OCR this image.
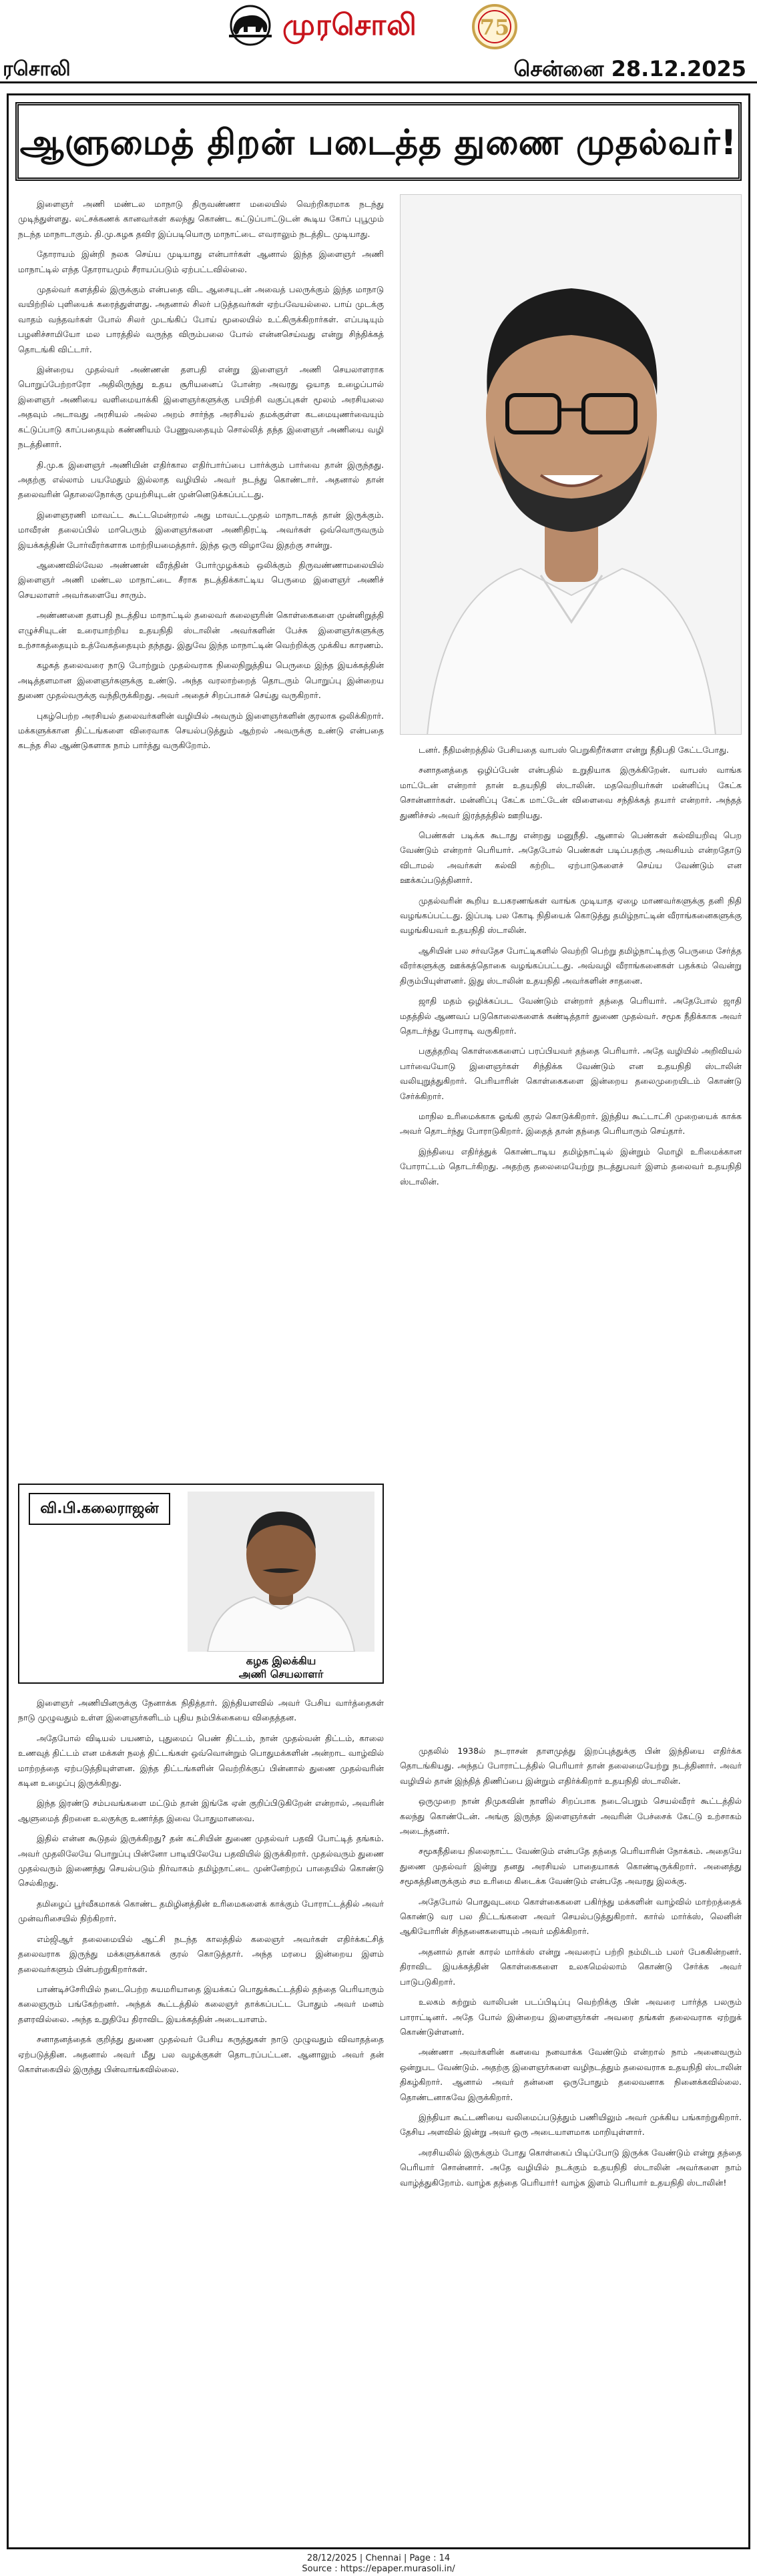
முரசொலி	75
ரசொலி	சென்னை 28.12.2025
ஆளுமைத் திறன் படைத்த துணை முதல்வர்!

இளைஞர் அணி மண்டல மாநாடு திருவண்ணா மலையில் வெற்றிகரமாக நடந்து முடிந்துள்ளது. லட்சக்கணக் கானவர்கள் கலந்து கொண்ட கட்டுப்பாட்டுடன் கூடிய கோப் புபூமும் நடந்த மாநாடாகும். தி.மு.கழக தவிர இப்படியொரு மாநாட்டை எவராலும் நடத்திட முடியாது.

தோராயம் இன்றி நலக செய்ய முடியாது என்பார்கள் ஆனால் இந்த இளைஞர் அணி மாநாட்டில் எந்த தோராயமும் சீராயப்படும் ஏற்பட்டவில்லை.

முதல்வர் களத்தில் இருக்கும் என்பதை விட ஆசையுடன் அவைத் பலருக்கும் இந்த மாநாடு வயிற்றில் புளியைக் கரைத்துள்ளது. அதனால் சிலர் படுத்தவர்கள் ஏற்பவேயல்லை. பாய் முடக்கு வாதம் வந்தவர்கள் போல் சிலர் முடங்கிப் போய் மூலையில் உட்கிருக்கிறார்கள். எப்படியும் பழனிச்சாமியோ மல பாரத்தில் வருந்த விரும்பலை போல் என்னசெய்வது என்று சிந்திக்கத் தொடங்கி விட்டார்.

இன்றைய முதல்வர் அண்ணன் தளபதி என்று இளைஞர் அணி செயலாளராக பொறுப்பேற்றாரோ அதிலிருந்து உதய சூரியனைப் போன்ற அவரது ஒயாத உழைப்பால் இளைஞர் அணியை வளிமையாக்கி இளைஞர்களுக்கு பயிற்சி வகுப்புகள் மூலம் அரசியலை அதவும் அடாவது அரசியல் அல்ல அறம் சார்ந்த அரசியல் தமக்குள்ள கடமையுணர்வையும் கட்டுப்பாடு காப்பதையும் கண்ணியம் பேணுவதையும் சொல்லித் தந்த இளைஞர் அணியை வழி நடத்தினார்.

தி.மு.க இளைஞர் அணியின் எதிர்கால எதிர்பார்ப்பை பார்க்கும் பார்வை தான் இருந்தது. அதற்கு எல்லாம் பயமேதும் இல்லாத வழியில் அவர் நடந்து கொண்டார். அதனால் தான் தலைவரின் தொலைநோக்கு முயற்சியுடன் முன்னெடுக்கப்பட்டது.

இளைஞரணி மாவட்ட கூட்டமென்றால் அது மாவட்டமுதல் மாநாடாகத் தான் இருக்கும். மாவீரன் தலைப்பில் மாபெரும் இளைஞர்களை அணிதிரட்டி அவர்கள் ஒவ்வொருவரும் இயக்கத்தின் போர்வீரர்களாக மாற்றியமைத்தார். இந்த ஒரு விழாவே இதற்கு சான்று.

ஆணைவில்வேல அண்ணன் வீரத்தின் போர்முழக்கம் ஒலிக்கும் திருவண்ணாமலையில் இளைஞர் அணி மண்டல மாநாட்டை சீராக நடத்திக்காட்டிய பெருமை இளைஞர் அணிச் செயலாளர் அவர்களையே சாரும்.

அண்ணனை தளபதி நடத்திய மாநாட்டில் தலைவர் கலைஞரின் கொள்கைகளை முன்னிறுத்தி எழுச்சியுடன் உரையாற்றிய உதயநிதி ஸ்டாலின் அவர்களின் பேச்சு இளைஞர்களுக்கு உற்சாகத்தையும் உத்வேகத்தையும் தந்தது. இதுவே இந்த மாநாட்டின் வெற்றிக்கு முக்கிய காரணம்.

கழகத் தலைவரை நாடு போற்றும் முதல்வராக நிலைநிறுத்திய பெருமை இந்த இயக்கத்தின் அடித்தளமான இளைஞர்களுக்கு உண்டு. அந்த வரலாற்றைத் தொடரும் பொறுப்பு இன்றைய துணை முதல்வருக்கு வந்திருக்கிறது. அவர் அதைச் சிறப்பாகச் செய்து வருகிறார்.

புகழ்பெற்ற அரசியல் தலைவர்களின் வழியில் அவரும் இளைஞர்களின் குரலாக ஒலிக்கிறார். மக்களுக்கான திட்டங்களை விரைவாக செயல்படுத்தும் ஆற்றல் அவருக்கு உண்டு என்பதை கடந்த சில ஆண்டுகளாக நாம் பார்த்து வருகிறோம்.	டனர். நீதிமன்றத்தில் பேசியதை வாபஸ் பெறுகிறீர்களா என்று நீதிபதி கேட்டபோது.

சனாதனத்தை ஒழிப்பேன் என்பதில் உறுதியாக இருக்கிறேன். வாபஸ் வாங்க மாட்டேன் என்றார் தான் உதயநிதி ஸ்டாலின். மதவெறியர்கள் மன்னிப்பு கேட்க சொன்னார்கள். மன்னிப்பு கேட்க மாட்டேன் விளைவை சந்திக்கத் தயார் என்றார். அந்தத் துணிச்சல் அவர் இரத்தத்தில் ஊறியது.

பெண்கள் படிக்க கூடாது என்றது மனுநீதி. ஆனால் பெண்கள் கல்வியறிவு பெற வேண்டும் என்றார் பெரியார். அதேபோல் பெண்கள் படிப்பதற்கு அவசியம் என்றதோடு விடாமல் அவர்கள் கல்வி கற்றிட ஏற்பாடுகளைச் செய்ய வேண்டும் என ஊக்கப்படுத்தினார்.

முதல்வரின் கூறிய உபகரணங்கள் வாங்க முடியாத ஏழை மாணவர்களுக்கு தனி நிதி வழங்கப்பட்டது. இப்படி பல கோடி நிதியைக் கொடுத்து தமிழ்நாட்டின் வீராங்கனைகளுக்கு வழங்கியவர் உதயநிதி ஸ்டாலின்.

ஆசியின் பல சர்வதேச போட்டிகளில் வெற்றி பெற்று தமிழ்நாட்டிற்கு பெருமை சேர்த்த வீரர்களுக்கு ஊக்கத்தொகை வழங்கப்பட்டது. அவ்வழி வீராங்கனைகள் பதக்கம் வென்று திரும்பியுள்ளனர். இது ஸ்டாலின் உதயநிதி அவர்களின் சாதனை.

ஜாதி மதம் ஒழிக்கப்பட வேண்டும் என்றார் தந்தை பெரியார். அதேபோல் ஜாதி மதத்தில் ஆணவப் படுகொலைகளைக் கண்டித்தார் துணை முதல்வர். சமூக நீதிக்காக அவர் தொடர்ந்து போராடி வருகிறார்.

பகுத்தறிவு கொள்கைகளைப் பரப்பியவர் தந்தை பெரியார். அதே வழியில் அறிவியல் பார்வையோடு இளைஞர்கள் சிந்திக்க வேண்டும் என உதயநிதி ஸ்டாலின் வலியுறுத்துகிறார். பெரியாரின் கொள்கைகளை இன்றைய தலைமுறையிடம் கொண்டு சேர்க்கிறார்.

மாநில உரிமைக்காக ஓங்கி குரல் கொடுக்கிறார். இந்திய கூட்டாட்சி முறையைக் காக்க அவர் தொடர்ந்து போராடுகிறார். இதைத் தான் தந்தை பெரியாரும் செய்தார்.

இந்தியை எதிர்த்துக் கொண்டாடிய தமிழ்நாட்டில் இன்றும் மொழி உரிமைக்கான போராட்டம் தொடர்கிறது. அதற்கு தலைமையேற்று நடத்துபவர் இளம் தலைவர் உதயநிதி ஸ்டாலின்.

வி.பி.கலைராஜன்
கழக இலக்கிய
அணி செயலாளர்

இளைஞர் அணியினருக்கு நேனாக்க நிதித்தார். இந்தியளவில் அவர் பேசிய வார்த்தைகள் நாடு முழுவதும் உள்ள இளைஞர்களிடம் புதிய நம்பிக்கையை விதைத்தன.

அதேபோல் விடியல் பயணம், புதுமைப் பெண் திட்டம், நான் முதல்வன் திட்டம், காலை உணவுத் திட்டம் என மக்கள் நலத் திட்டங்கள் ஒவ்வொன்றும் பொதுமக்களின் அன்றாட வாழ்வில் மாற்றத்தை ஏற்படுத்தியுள்ளன. இந்த திட்டங்களின் வெற்றிக்குப் பின்னால் துணை முதல்வரின் கடின உழைப்பு இருக்கிறது.

இந்த இரண்டு சம்பவங்களை மட்டும் தான் இங்கே ஏன் குறிப்பிடுகிறேன் என்றால், அவரின் ஆளுமைத் திறனை உலகுக்கு உணர்த்த இவை போதுமானவை.

இதில் என்ன கூடுதல் இருக்கிறது? தன் கட்சியின் துணை முதல்வர் பதவி போட்டித் தங்கம். அவர் முதலிலேயே பொறுப்பு பின்னோ பாடியிலேயே பதவியில் இருக்கிறார். முதல்வரும் துணை முதல்வரும் இணைந்து செயல்படும் நிர்வாகம் தமிழ்நாட்டை முன்னேற்றப் பாதையில் கொண்டு செல்கிறது.

தமிழைப் பூர்வீகமாகக் கொண்ட தமிழினத்தின் உரிமைகளைக் காக்கும் போராட்டத்தில் அவர் முன்வரிசையில் நிற்கிறார்.

எம்ஜிஆர் தலைமையில் ஆட்சி நடந்த காலத்தில் கலைஞர் அவர்கள் எதிர்க்கட்சித் தலைவராக இருந்து மக்களுக்காகக் குரல் கொடுத்தார். அந்த மரபை இன்றைய இளம் தலைவர்களும் பின்பற்றுகிறார்கள்.

பாண்டிச்சேரியில் நடைபெற்ற சுயமரியாதை இயக்கப் பொதுக்கூட்டத்தில் தந்தை பெரியாரும் கலைஞரும் பங்கேற்றனர். அந்தக் கூட்டத்தில் கலைஞர் தாக்கப்பட்ட போதும் அவர் மனம் தளரவில்லை. அந்த உறுதியே திராவிட இயக்கத்தின் அடையாளம்.

சனாதனத்தைக் குறித்து துணை முதல்வர் பேசிய கருத்துகள் நாடு முழுவதும் விவாதத்தை ஏற்படுத்தின. அதனால் அவர் மீது பல வழக்குகள் தொடரப்பட்டன. ஆனாலும் அவர் தன் கொள்கையில் இருந்து பின்வாங்கவில்லை.

முதலில் 1938ல் நடராசன் தாளமுத்து இறப்புத்துக்கு பின் இந்தியை எதிர்க்க தொடங்கியது. அந்தப் போராட்டத்தில் பெரியார் தான் தலைமையேற்று நடத்தினார். அவர் வழியில் தான் இந்தித் திணிப்பை இன்றும் எதிர்க்கிறார் உதயநிதி ஸ்டாலின்.

ஒருமுறை நான் திமுகவின் நாளில் சிறப்பாக நடைபெறும் செயல்வீரர் கூட்டத்தில் கலந்து கொண்டேன். அங்கு இருந்த இளைஞர்கள் அவரின் பேச்சைக் கேட்டு உற்சாகம் அடைந்தனர்.

சமூகநீதியை நிலைநாட்ட வேண்டும் என்பதே தந்தை பெரியாரின் நோக்கம். அதையே துணை முதல்வர் இன்று தனது அரசியல் பாதையாகக் கொண்டிருக்கிறார். அனைத்து சமூகத்தினருக்கும் சம உரிமை கிடைக்க வேண்டும் என்பதே அவரது இலக்கு.

அதேபோல் பொதுவுடமை கொள்கைகளை பகிர்ந்து மக்களின் வாழ்வில் மாற்றத்தைக் கொண்டு வர பல திட்டங்களை அவர் செயல்படுத்துகிறார். கார்ல் மார்க்ஸ், லெனின் ஆகியோரின் சிந்தனைகளையும் அவர் மதிக்கிறார்.

அதனால் தான் காரல் மார்க்ஸ் என்று அவரைப் பற்றி நம்மிடம் பலர் பேசுகின்றனர். திராவிட இயக்கத்தின் கொள்கைகளை உலகமெல்லாம் கொண்டு சேர்க்க அவர் பாடுபடுகிறார்.

உலகம் சுற்றும் வாலிபன் படப்பிடிப்பு வெற்றிக்கு பின் அவரை பார்த்த பலரும் பாராட்டினர். அதே போல் இன்றைய இளைஞர்கள் அவரை தங்கள் தலைவராக ஏற்றுக் கொண்டுள்ளனர்.

அண்ணா அவர்களின் கனவை நனவாக்க வேண்டும் என்றால் நாம் அனைவரும் ஒன்றுபட வேண்டும். அதற்கு இளைஞர்களை வழிநடத்தும் தலைவராக உதயநிதி ஸ்டாலின் திகழ்கிறார். ஆனால் அவர் தன்னை ஒருபோதும் தலைவனாக நினைக்கவில்லை. தொண்டனாகவே இருக்கிறார்.

இந்தியா கூட்டணியை வலிமைப்படுத்தும் பணியிலும் அவர் முக்கிய பங்காற்றுகிறார். தேசிய அளவில் இன்று அவர் ஒரு அடையாளமாக மாறியுள்ளார்.

அரசியலில் இருக்கும் போது கொள்கைப் பிடிப்போடு இருக்க வேண்டும் என்று தந்தை பெரியார் சொன்னார். அதே வழியில் நடக்கும் உதயநிதி ஸ்டாலின் அவர்களை நாம் வாழ்த்துகிறோம். வாழ்க தந்தை பெரியார்! வாழ்க இளம் பெரியார் உதயநிதி ஸ்டாலின்!

28/12/2025 | Chennai | Page : 14
Source : https://epaper.murasoli.in/
